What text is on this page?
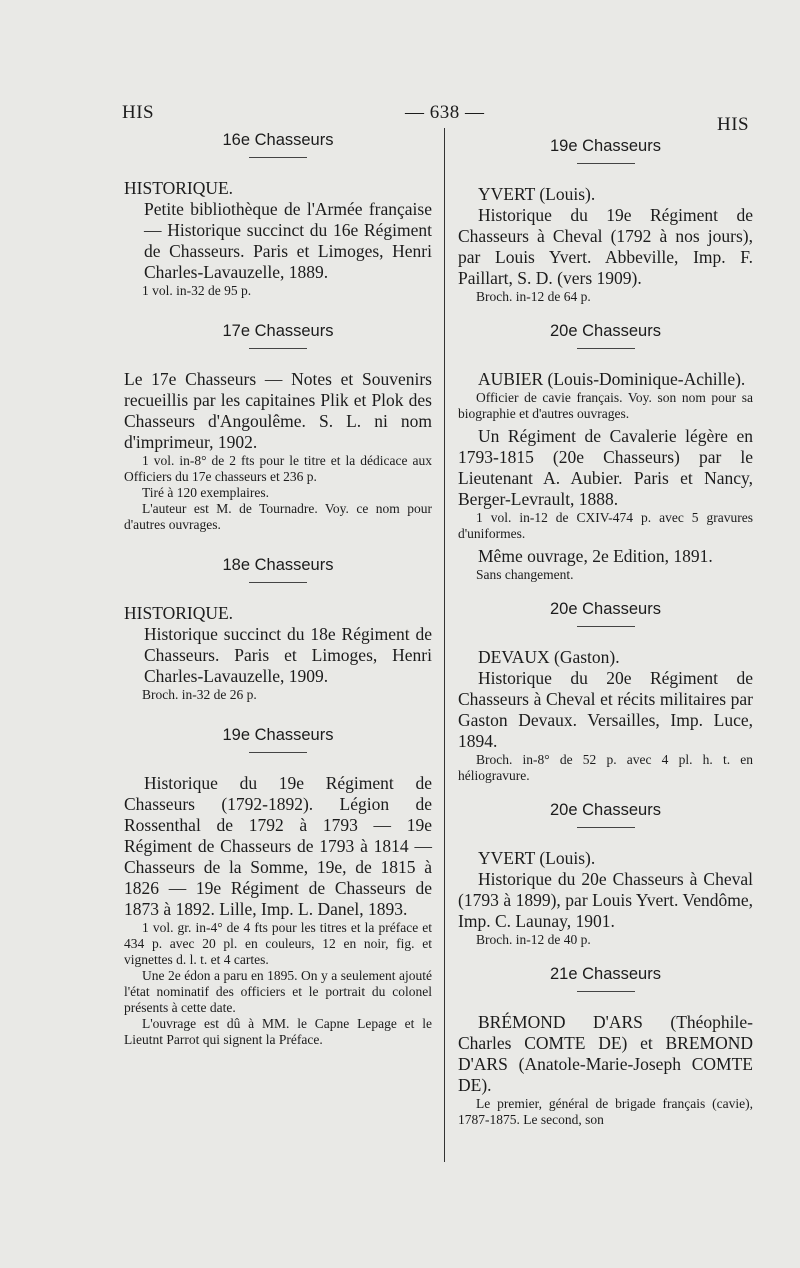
HIS	— 638 —
HIS
16e Chasseurs

HISTORIQUE.

Petite bibliothèque de l'Armée française — Historique succinct du 16e Régiment de Chasseurs. Paris et Limoges, Henri Charles-Lavauzelle, 1889.

1 vol. in-32 de 95 p.

17e Chasseurs

Le 17e Chasseurs — Notes et Souvenirs recueillis par les capitaines Plik et Plok des Chasseurs d'Angoulême. S. L. ni nom d'imprimeur, 1902.

1 vol. in-8° de 2 fts pour le titre et la dédicace aux Officiers du 17e chasseurs et 236 p.

Tiré à 120 exemplaires.

L'auteur est M. de Tournadre. Voy. ce nom pour d'autres ouvrages.

18e Chasseurs

HISTORIQUE.

Historique succinct du 18e Régiment de Chasseurs. Paris et Limoges, Henri Charles-Lavauzelle, 1909.

Broch. in-32 de 26 p.

19e Chasseurs

Historique du 19e Régiment de Chasseurs (1792-1892). Légion de Rossenthal de 1792 à 1793 — 19e Régiment de Chasseurs de 1793 à 1814 — Chasseurs de la Somme, 19e, de 1815 à 1826 — 19e Régiment de Chasseurs de 1873 à 1892. Lille, Imp. L. Danel, 1893.

1 vol. gr. in-4° de 4 fts pour les titres et la préface et 434 p. avec 20 pl. en couleurs, 12 en noir, fig. et vignettes d. l. t. et 4 cartes.

Une 2e édon a paru en 1895. On y a seulement ajouté l'état nominatif des officiers et le portrait du colonel présents à cette date.

L'ouvrage est dû à MM. le Capne Lepage et le Lieutnt Parrot qui signent la Préface.

19e Chasseurs

YVERT (Louis).

Historique du 19e Régiment de Chasseurs à Cheval (1792 à nos jours), par Louis Yvert. Abbeville, Imp. F. Paillart, S. D. (vers 1909).

Broch. in-12 de 64 p.

20e Chasseurs

AUBIER (Louis-Dominique-Achille).

Officier de cavie français. Voy. son nom pour sa biographie et d'autres ouvrages.

Un Régiment de Cavalerie légère en 1793-1815 (20e Chasseurs) par le Lieutenant A. Aubier. Paris et Nancy, Berger-Levrault, 1888.

1 vol. in-12 de CXIV-474 p. avec 5 gravures d'uniformes.

Même ouvrage, 2e Edition, 1891.

Sans changement.

20e Chasseurs

DEVAUX (Gaston).

Historique du 20e Régiment de Chasseurs à Cheval et récits militaires par Gaston Devaux. Versailles, Imp. Luce, 1894.

Broch. in-8° de 52 p. avec 4 pl. h. t. en héliogravure.

20e Chasseurs

YVERT (Louis).

Historique du 20e Chasseurs à Cheval (1793 à 1899), par Louis Yvert. Vendôme, Imp. C. Launay, 1901.

Broch. in-12 de 40 p.

21e Chasseurs

BRÉMOND D'ARS (Théophile-Charles COMTE DE) et BREMOND D'ARS (Anatole-Marie-Joseph COMTE DE).

Le premier, général de brigade français (cavie), 1787-1875. Le second, son
